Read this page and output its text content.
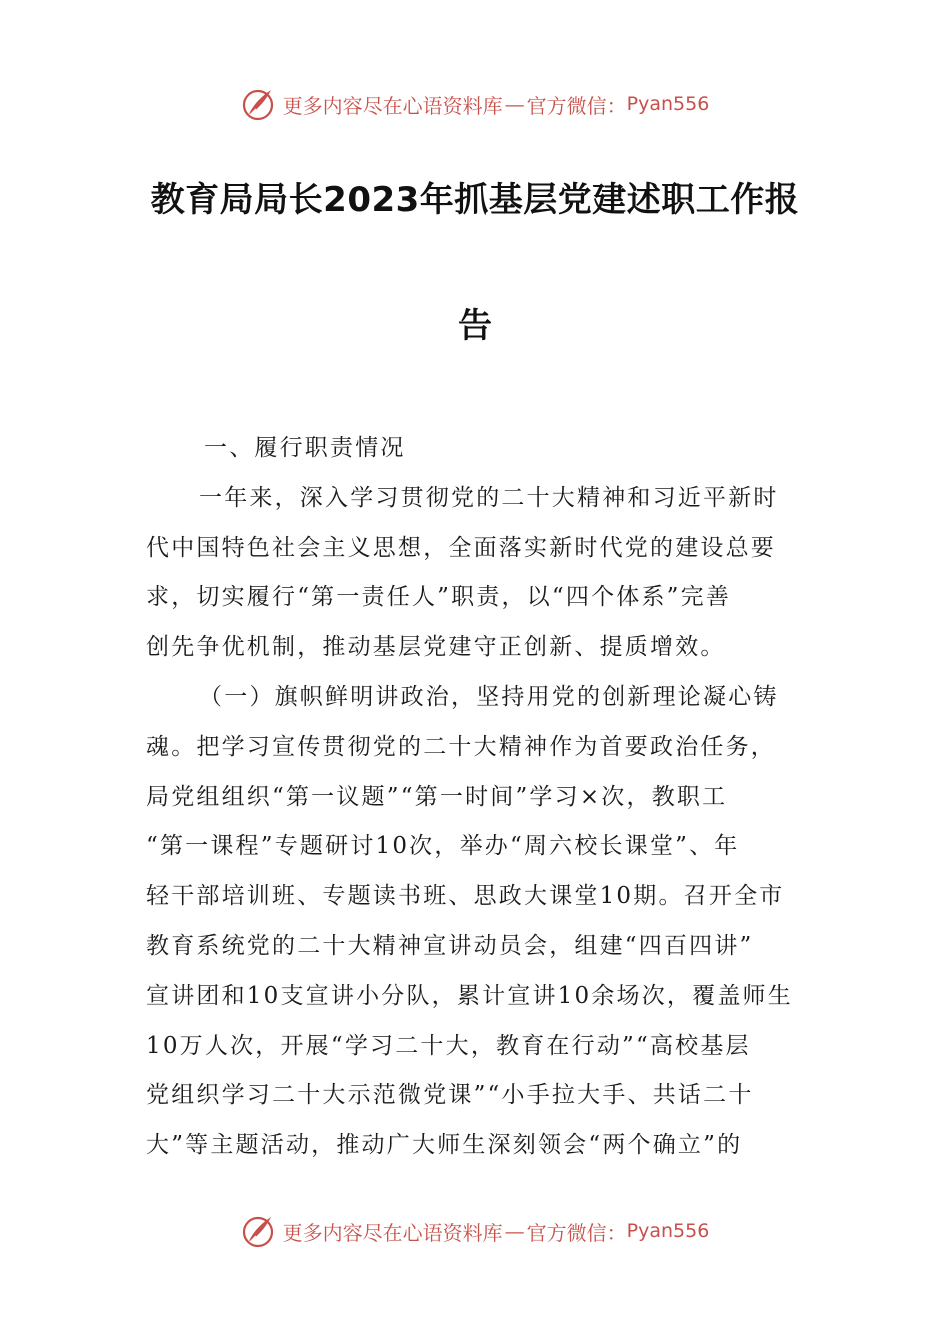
更多内容尽在心语资料库 — 官方微信： Pyan556
教育局局长2023年抓基层党建述职工作报
告
一、履行职责情况
一年来，深入学习贯彻党的二十大精神和习近平新时
代中国特色社会主义思想，全面落实新时代党的建设总要
求，切实履行“第一责任人”职责，以“四个体系”完善
创先争优机制，推动基层党建守正创新、提质增效。
（一）旗帜鲜明讲政治，坚持用党的创新理论凝心铸
魂。把学习宣传贯彻党的二十大精神作为首要政治任务，
局党组组织“第一议题”“第一时间”学习×次，教职工
“第一课程”专题研讨10次，举办“周六校长课堂”、年
轻干部培训班、专题读书班、思政大课堂10期。召开全市
教育系统党的二十大精神宣讲动员会，组建“四百四讲”
宣讲团和10支宣讲小分队，累计宣讲10余场次，覆盖师生
10万人次，开展“学习二十大，教育在行动”“高校基层
党组织学习二十大示范微党课”“小手拉大手、共话二十
大”等主题活动，推动广大师生深刻领会“两个确立”的
更多内容尽在心语资料库 — 官方微信： Pyan556
